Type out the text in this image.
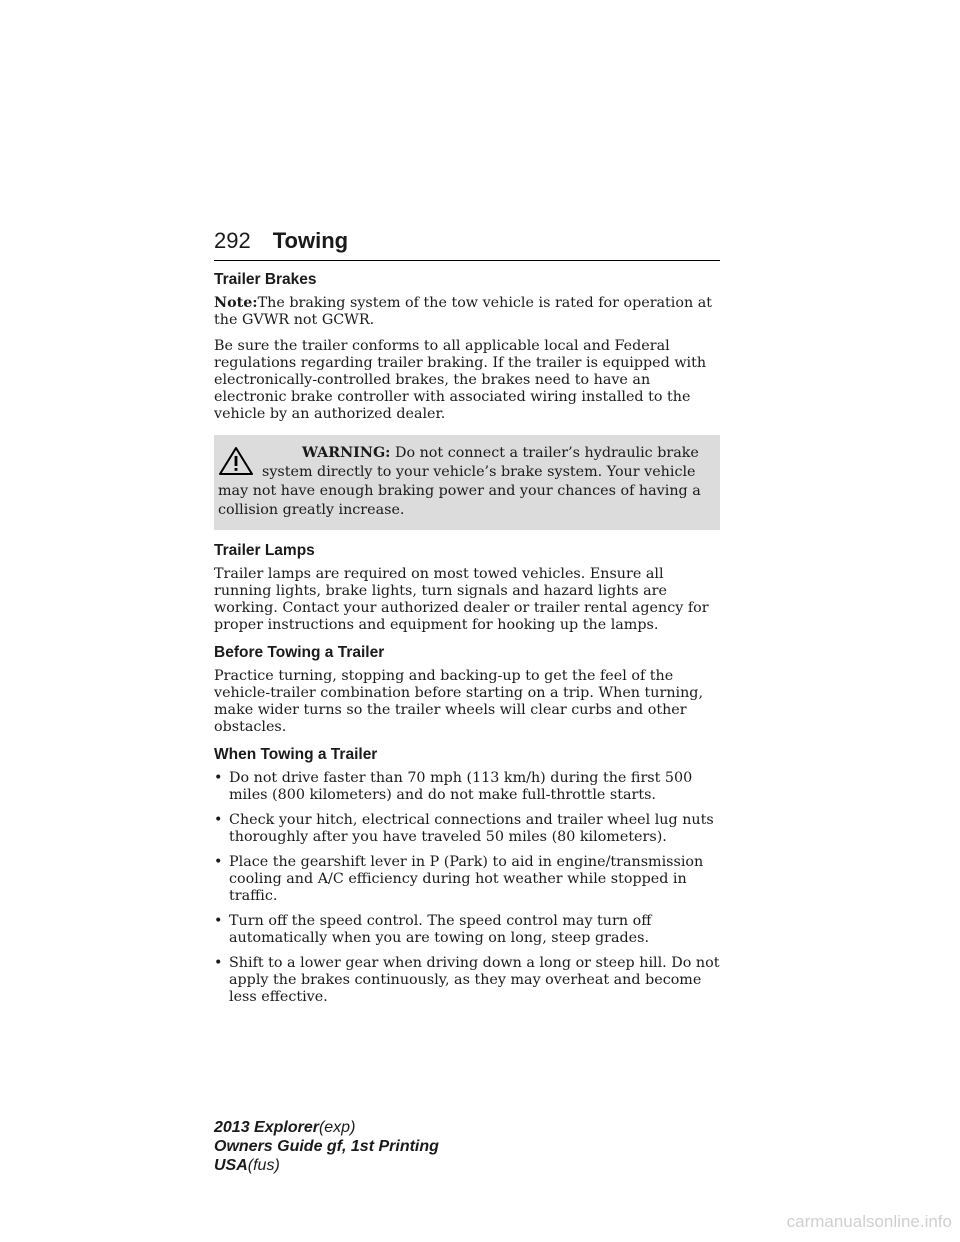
292 Towing
Trailer Brakes

Note:The braking system of the tow vehicle is rated for operation at the GVWR not GCWR.

Be sure the trailer conforms to all applicable local and Federal regulations regarding trailer braking. If the trailer is equipped with electronically-controlled brakes, the brakes need to have an electronic brake controller with associated wiring installed to the vehicle by an authorized dealer.

WARNING: Do not connect a trailer’s hydraulic brake system directly to your vehicle’s brake system. Your vehicle may not have enough braking power and your chances of having a collision greatly increase.
Trailer Lamps

Trailer lamps are required on most towed vehicles. Ensure all running lights, brake lights, turn signals and hazard lights are working. Contact your authorized dealer or trailer rental agency for proper instructions and equipment for hooking up the lamps.

Before Towing a Trailer

Practice turning, stopping and backing-up to get the feel of the vehicle-trailer combination before starting on a trip. When turning, make wider turns so the trailer wheels will clear curbs and other obstacles.

When Towing a Trailer
• Do not drive faster than 70 mph (113 km/h) during the first 500 miles (800 kilometers) and do not make full-throttle starts.
• Check your hitch, electrical connections and trailer wheel lug nuts thoroughly after you have traveled 50 miles (80 kilometers).
• Place the gearshift lever in P (Park) to aid in engine/transmission cooling and A/C efficiency during hot weather while stopped in traffic.
• Turn off the speed control. The speed control may turn off automatically when you are towing on long, steep grades.
• Shift to a lower gear when driving down a long or steep hill. Do not apply the brakes continuously, as they may overheat and become less effective.
2013 Explorer(exp)
Owners Guide gf, 1st Printing
USA(fus)
carmanualsonline.info
